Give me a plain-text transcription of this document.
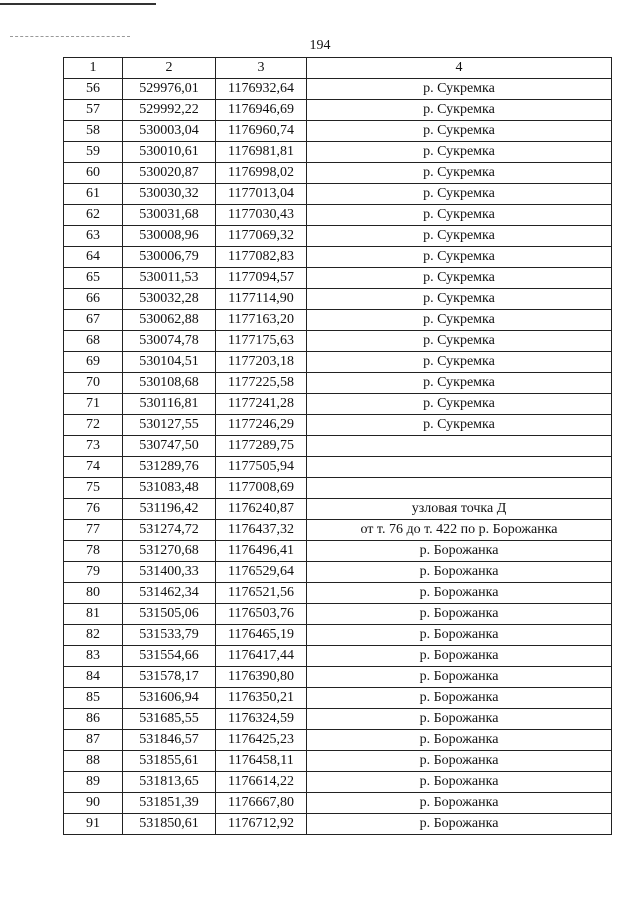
194
1	2	3	4
56	529976,01	1176932,64	р. Сукремка
57	529992,22	1176946,69	р. Сукремка
58	530003,04	1176960,74	р. Сукремка
59	530010,61	1176981,81	р. Сукремка
60	530020,87	1176998,02	р. Сукремка
61	530030,32	1177013,04	р. Сукремка
62	530031,68	1177030,43	р. Сукремка
63	530008,96	1177069,32	р. Сукремка
64	530006,79	1177082,83	р. Сукремка
65	530011,53	1177094,57	р. Сукремка
66	530032,28	1177114,90	р. Сукремка
67	530062,88	1177163,20	р. Сукремка
68	530074,78	1177175,63	р. Сукремка
69	530104,51	1177203,18	р. Сукремка
70	530108,68	1177225,58	р. Сукремка
71	530116,81	1177241,28	р. Сукремка
72	530127,55	1177246,29	р. Сукремка
73	530747,50	1177289,75	
74	531289,76	1177505,94	
75	531083,48	1177008,69	
76	531196,42	1176240,87	узловая точка Д
77	531274,72	1176437,32	от т. 76 до т. 422 по р. Борожанка
78	531270,68	1176496,41	р. Борожанка
79	531400,33	1176529,64	р. Борожанка
80	531462,34	1176521,56	р. Борожанка
81	531505,06	1176503,76	р. Борожанка
82	531533,79	1176465,19	р. Борожанка
83	531554,66	1176417,44	р. Борожанка
84	531578,17	1176390,80	р. Борожанка
85	531606,94	1176350,21	р. Борожанка
86	531685,55	1176324,59	р. Борожанка
87	531846,57	1176425,23	р. Борожанка
88	531855,61	1176458,11	р. Борожанка
89	531813,65	1176614,22	р. Борожанка
90	531851,39	1176667,80	р. Борожанка
91	531850,61	1176712,92	р. Борожанка
